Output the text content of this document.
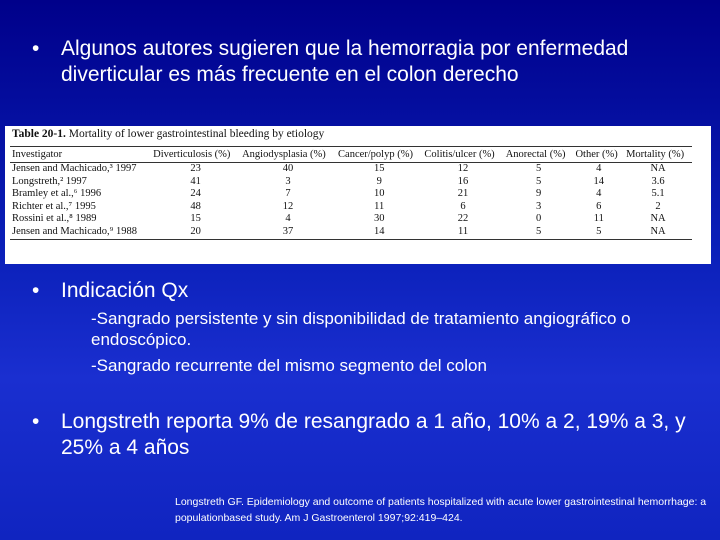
• Algunos autores sugieren que la hemorragia por enfermedad diverticular es más frecuente en el colon derecho
Table 20-1. Mortality of lower gastrointestinal bleeding by etiology
Investigator	Diverticulosis (%)	Angiodysplasia (%)	Cancer/polyp (%)	Colitis/ulcer (%)	Anorectal (%)	Other (%)	Mortality (%)
Jensen and Machicado,³ 1997	23	40	15	12	5	4	NA
Longstreth,² 1997	41	3	9	16	5	14	3.6
Bramley et al.,⁶ 1996	24	7	10	21	9	4	5.1
Richter et al.,⁷ 1995	48	12	11	6	3	6	2
Rossini et al.,⁸ 1989	15	4	30	22	0	11	NA
Jensen and Machicado,⁹ 1988	20	37	14	11	5	5	NA
• Indicación Qx
-Sangrado persistente y sin disponibilidad de tratamiento angiográfico o endoscópico.
-Sangrado recurrente del mismo segmento del colon
• Longstreth reporta 9% de resangrado a 1 año, 10% a 2, 19% a 3, y 25% a 4 años
Longstreth GF. Epidemiology and outcome of patients hospitalized with acute lower gastrointestinal hemorrhage: a populationbased study. Am J Gastroenterol 1997;92:419–424.
